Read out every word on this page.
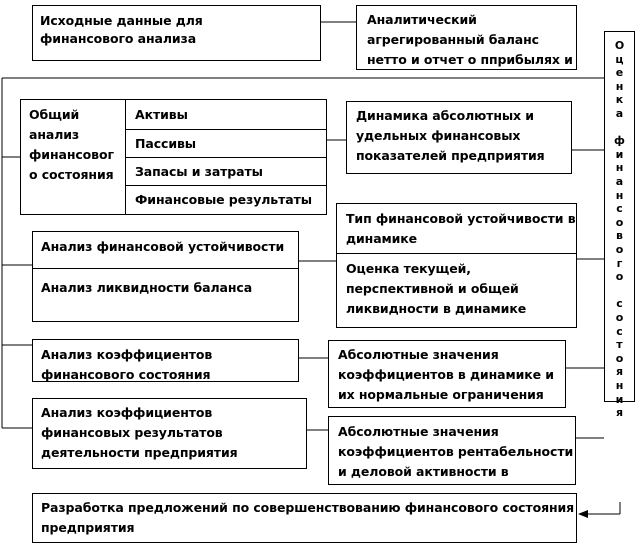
Исходные данные для
финансового анализа
Аналитический
агрегированный баланс
нетто и отчет о пприбылях и
Общий
анализ
финансовог
о состояния
Активы
Пассивы
Запасы и затраты
Финансовые результаты
Динамика абсолютных и
удельных финансовых
показателей предприятия
Анализ финансовой устойчивости
Анализ ликвидности баланса
Тип финансовой устойчивости в
динамике
Оценка текущей,
перспективной и общей
ликвидности в динамике
Анализ коэффициентов
финансового состояния
Абсолютные значения
коэффициентов в динамике и
их нормальные ограничения
Анализ коэффициентов
финансовых результатов
деятельности предприятия
Абсолютные значения
коэффициентов рентабельности
и деловой активности в
Разработка предложений по совершенствованию финансового состояния
предприятия
О
ц
е
н
к
а

ф
и
н
а
н
с
о
в
о
г
о

с
о
с
т
о
я
н
и
я
